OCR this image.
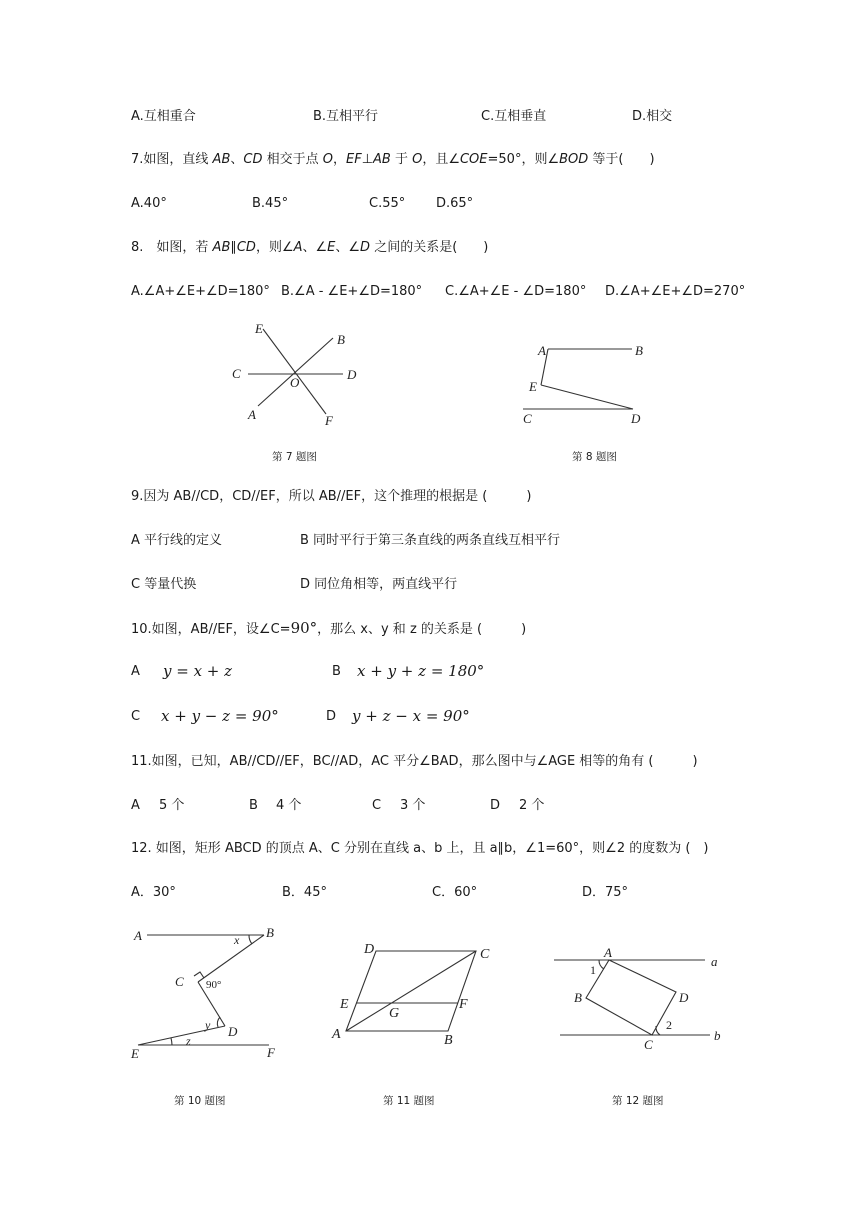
A.互相重合	B.互相平行	C.互相垂直	D.相交
7.如图，直线 AB、CD 相交于点 O，EF⊥AB 于 O，且∠COE=50°，则∠BOD 等于(　　)
A.40°	B.45°	C.55° D.65°
8.　如图，若 AB∥CD，则∠A、∠E、∠D 之间的关系是(　　)
A.∠A+∠E+∠D=180° B.∠A - ∠E+∠D=180° C.∠A+∠E - ∠D=180° D.∠A+∠E+∠D=270°
E
B
C
O
D
A	F
第 7 题图
A	B
E
C	D
第 8 题图
9.因为 AB//CD，CD//EF，所以 AB//EF，这个推理的根据是 (　　　)
A 平行线的定义	B 同时平行于第三条直线的两条直线互相平行
C 等量代换	D 同位角相等，两直线平行
10.如图，AB//EF，设∠C=90°，那么 x、y 和 z 的关系是 (　　　)
A y = x + z	B x + y + z = 180°
C x + y − z = 90°	D y + z − x = 90°
11.如图，已知，AB//CD//EF，BC//AD，AC 平分∠BAD，那么图中与∠AGE 相等的角有 (　　　)
A 5 个	B 4 个	C 3 个	D 2 个
12. 如图，矩形 ABCD 的顶点 A、C 分别在直线 a、b 上，且 a∥b，∠1=60°，则∠2 的度数为 (　)
A．30°	B．45°	C．60°	D．75°
A	x B
C 90°
y D
E
z
F
第 10 题图
D	C
E
G
F
A	B
第 11 题图
A
a
1
B	D
2
C
b
第 12 题图
